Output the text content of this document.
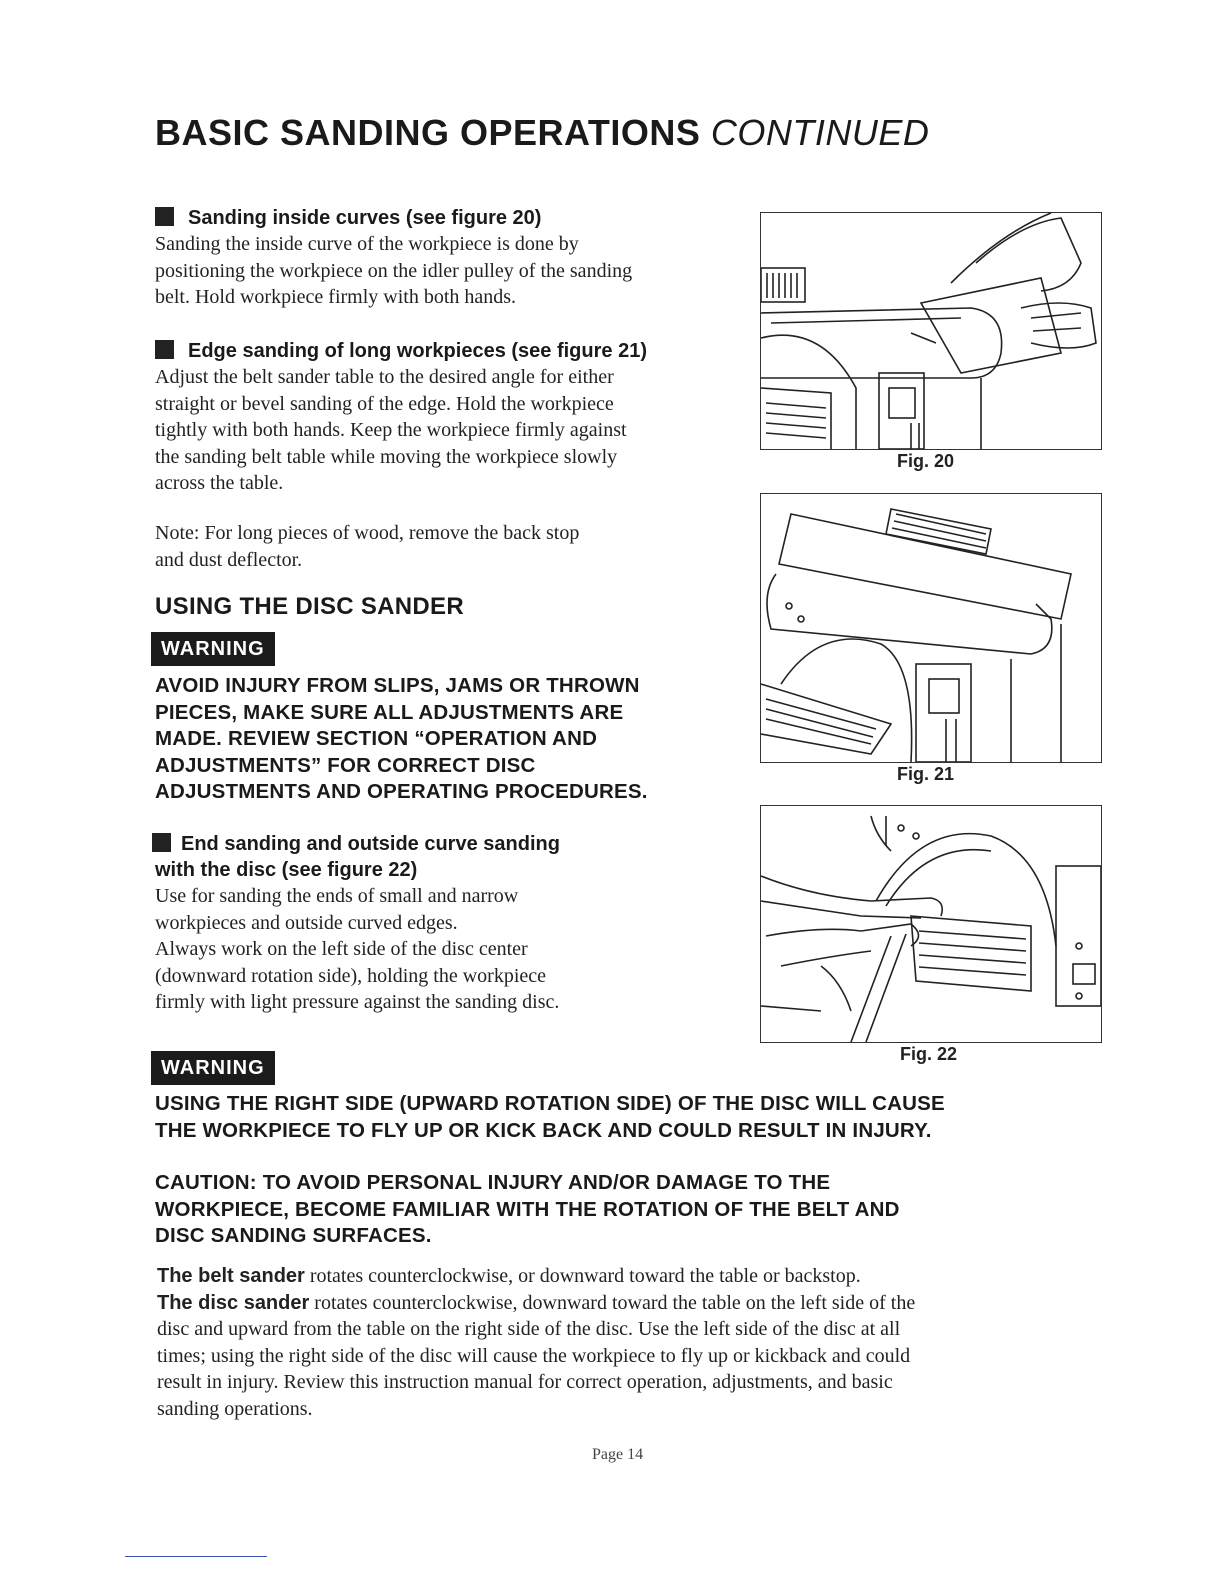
BASIC SANDING OPERATIONS CONTINUED

Sanding inside curves (see figure 20)

Sanding the inside curve of the workpiece is done by

positioning the workpiece on the idler pulley of the sanding

belt. Hold workpiece firmly with both hands.

Edge sanding of long workpieces (see figure 21)

Adjust the belt sander table to the desired angle for either

straight or bevel sanding of the edge. Hold the workpiece

tightly with both hands. Keep the workpiece firmly against

the sanding belt table while moving the workpiece slowly

across the table.

Note: For long pieces of wood, remove the back stop

and dust deflector.

USING THE DISC SANDER
WARNING

AVOID INJURY FROM SLIPS, JAMS OR THROWN

PIECES, MAKE SURE ALL ADJUSTMENTS ARE

MADE. REVIEW SECTION “OPERATION AND

ADJUSTMENTS” FOR CORRECT DISC

ADJUSTMENTS AND OPERATING PROCEDURES.

End sanding and outside curve sanding

with the disc (see figure 22)

Use for sanding the ends of small and narrow

workpieces and outside curved edges.

Always work on the left side of the disc center

(downward rotation side), holding the workpiece

firmly with light pressure against the sanding disc.

WARNING

USING THE RIGHT SIDE (UPWARD ROTATION SIDE) OF THE DISC WILL CAUSE

THE WORKPIECE TO FLY UP OR KICK BACK AND COULD RESULT IN INJURY.

CAUTION: TO AVOID PERSONAL INJURY AND/OR DAMAGE TO THE

WORKPIECE, BECOME FAMILIAR WITH THE ROTATION OF THE BELT AND

DISC SANDING SURFACES.

The belt sander rotates counterclockwise, or downward toward the table or backstop.

The disc sander rotates counterclockwise, downward toward the table on the left side of the

disc and upward from the table on the right side of the disc. Use the left side of the disc at all

times; using the right side of the disc will cause the workpiece to fly up or kickback and could

result in injury. Review this instruction manual for correct operation, adjustments, and basic

sanding operations.

Fig. 20
Fig. 21
Fig. 22
Page 14
